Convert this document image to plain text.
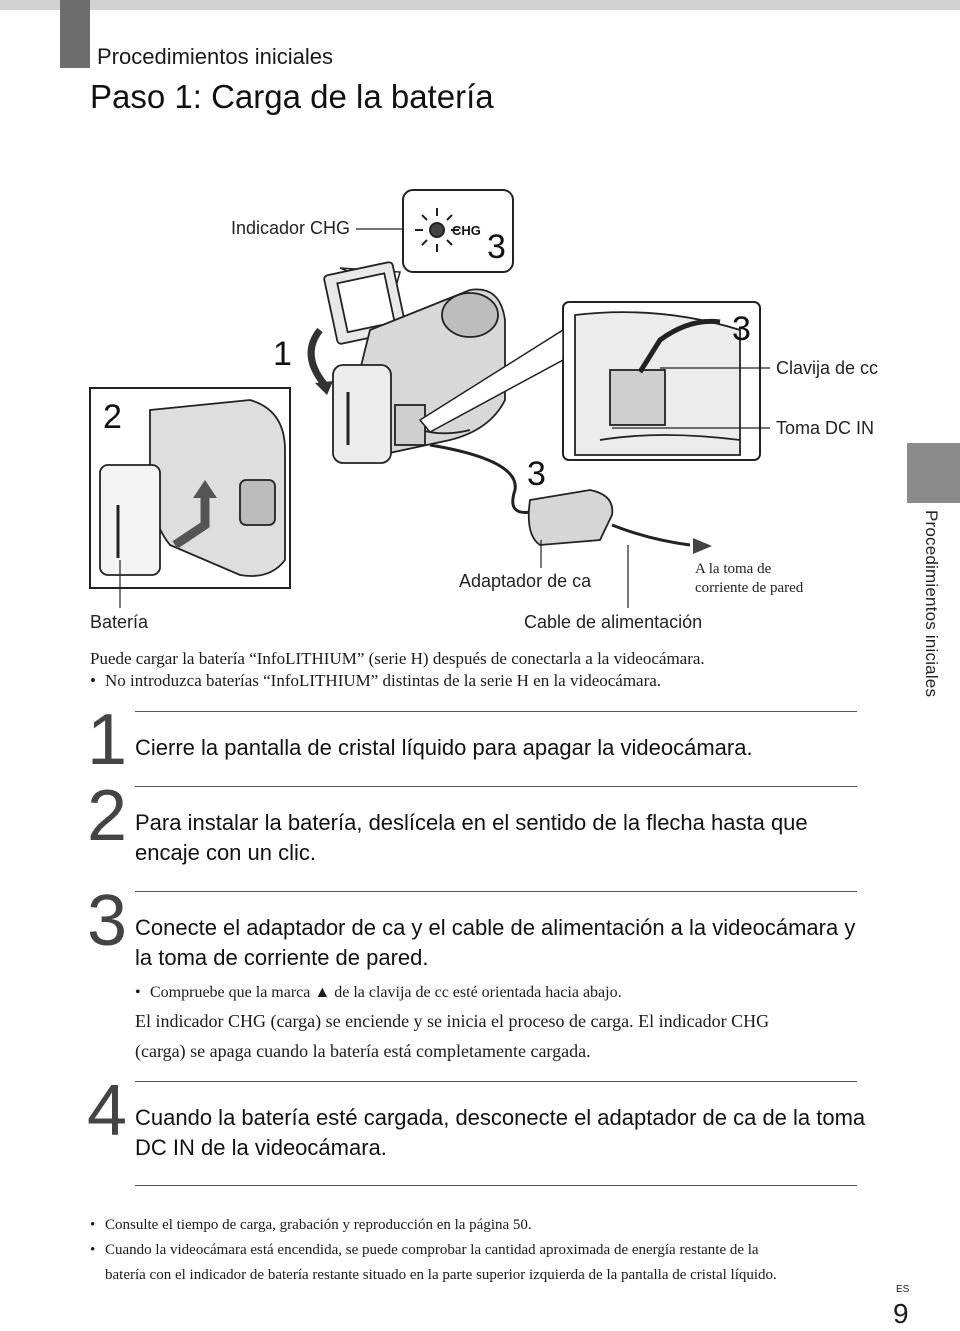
Procedimientos iniciales
Paso 1: Carga de la batería
Procedimientos iniciales
CHG 3
1
2
3
3
Indicador CHG
Clavija de cc
Toma DC IN
Adaptador de ca
A la toma de
corriente de pared
Batería	Cable de alimentación
Puede cargar la batería “InfoLITHIUM” (serie H) después de conectarla a la videocámara.
• No introduzca baterías “InfoLITHIUM” distintas de la serie H en la videocámara.
1 Cierre la pantalla de cristal líquido para apagar la videocámara.
2 Para instalar la batería, deslícela en el sentido de la flecha hasta que
encaje con un clic.
3 Conecte el adaptador de ca y el cable de alimentación a la videocámara y
la toma de corriente de pared.
• Compruebe que la marca ▲ de la clavija de cc esté orientada hacia abajo.
El indicador CHG (carga) se enciende y se inicia el proceso de carga. El indicador CHG
(carga) se apaga cuando la batería está completamente cargada.
4 Cuando la batería esté cargada, desconecte el adaptador de ca de la toma
DC IN de la videocámara.
• Consulte el tiempo de carga, grabación y reproducción en la página 50.
• Cuando la videocámara está encendida, se puede comprobar la cantidad aproximada de energía restante de la
batería con el indicador de batería restante situado en la parte superior izquierda de la pantalla de cristal líquido.
ES
9
